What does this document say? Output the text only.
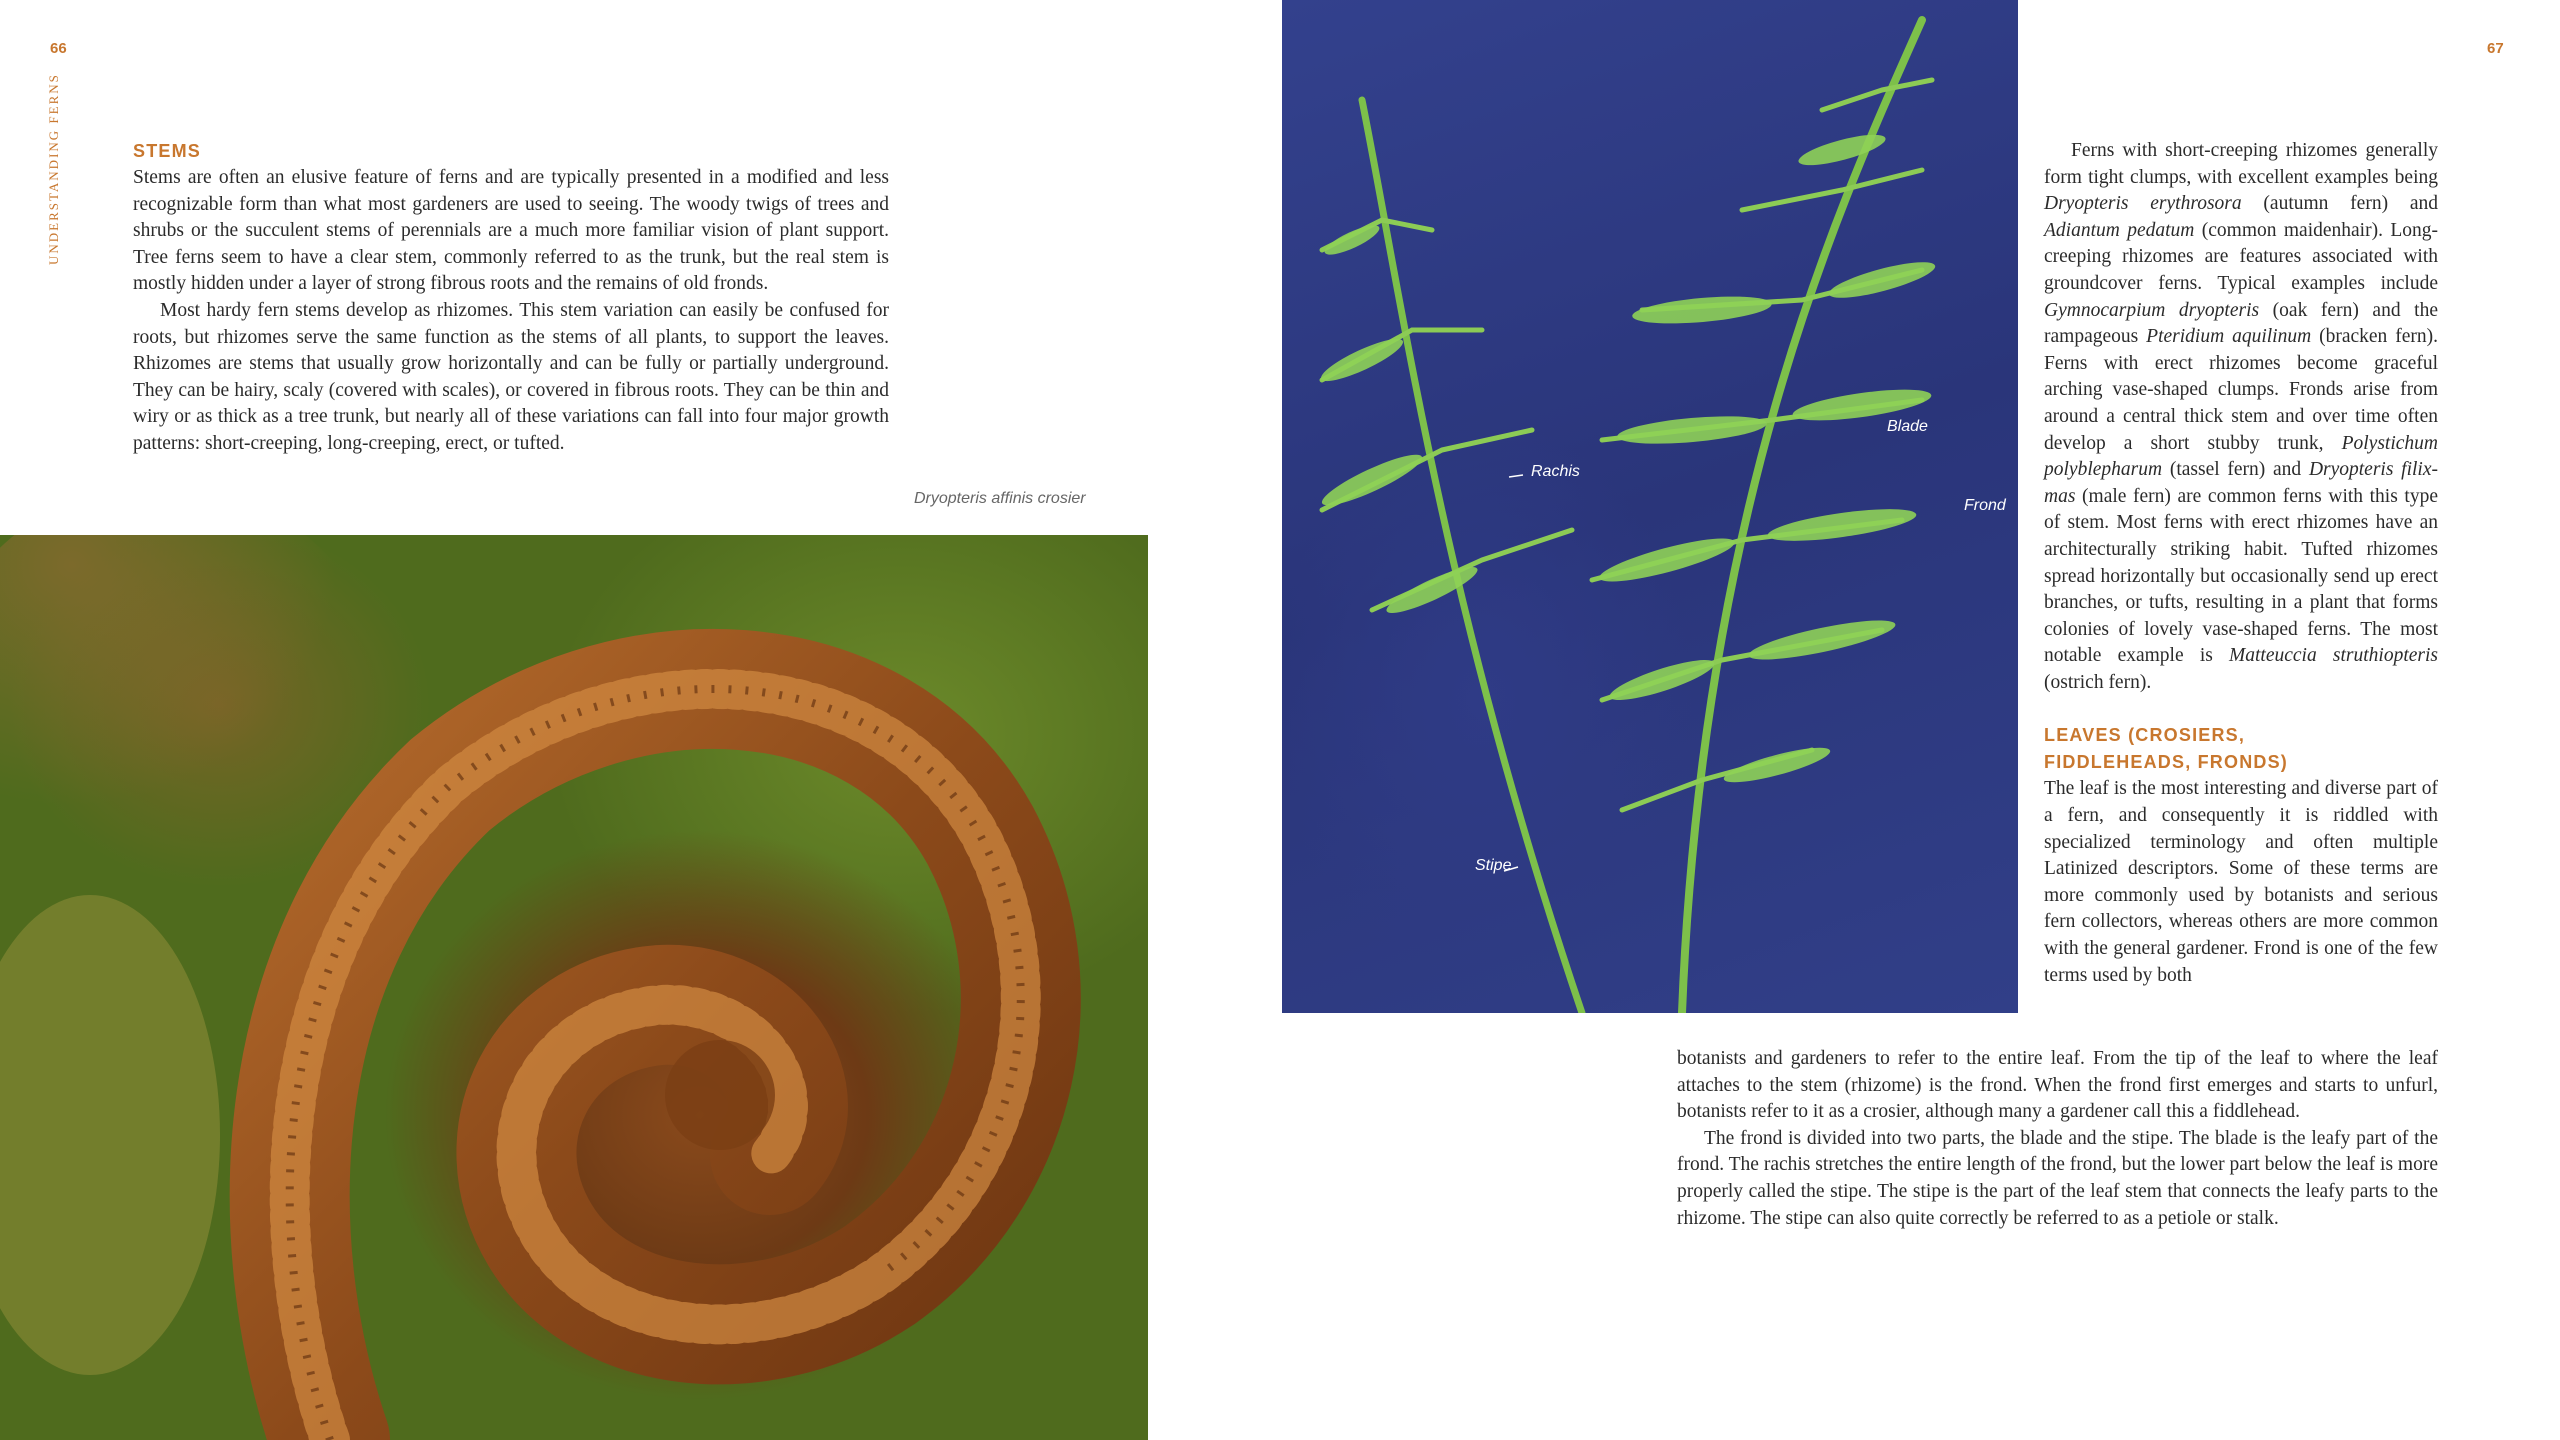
66
UNDERSTANDING FERNS	STEMS

Stems are often an elusive feature of ferns and are typically presented in a modified and less recognizable form than what most gardeners are used to seeing. The woody twigs of trees and shrubs or the succulent stems of perennials are a much more familiar vision of plant support. Tree ferns seem to have a clear stem, commonly referred to as the trunk, but the real stem is mostly hidden under a layer of strong fibrous roots and the remains of old fronds.

Most hardy fern stems develop as rhizomes. This stem variation can easily be confused for roots, but rhizomes serve the same function as the stems of all plants, to support the leaves. Rhizomes are stems that usually grow horizontally and can be fully or partially underground. They can be hairy, scaly (covered with scales), or covered in fibrous roots. They can be thin and wiry or as thick as a tree trunk, but nearly all of these variations can fall into four major growth patterns: short-creeping, long-creeping, erect, or tufted.

Dryopteris affinis crosier
67
Rachis
Blade
Frond
Stipe

Ferns with short-creeping rhizomes generally form tight clumps, with excellent examples being Dryopteris erythrosora (autumn fern) and Adiantum pedatum (common maidenhair). Long-creeping rhizomes are features associated with groundcover ferns. Typical examples include Gymnocarpium dryopteris (oak fern) and the rampageous Pteridium aquilinum (bracken fern). Ferns with erect rhizomes become graceful arching vase-shaped clumps. Fronds arise from around a central thick stem and over time often develop a short stubby trunk, Polystichum polyblepharum (tassel fern) and Dryopteris filix-mas (male fern) are common ferns with this type of stem. Most ferns with erect rhizomes have an architecturally striking habit. Tufted rhizomes spread horizontally but occasionally send up erect branches, or tufts, resulting in a plant that forms colonies of lovely vase-shaped ferns. The most notable example is Matteuccia struthiopteris (ostrich fern).

LEAVES (CROSIERS,
FIDDLEHEADS, FRONDS)

The leaf is the most interesting and diverse part of a fern, and consequently it is riddled with specialized terminology and often multiple Latinized descriptors. Some of these terms are more commonly used by botanists and serious fern collectors, whereas others are more common with the general gardener. Frond is one of the few terms used by both

botanists and gardeners to refer to the entire leaf. From the tip of the leaf to where the leaf attaches to the stem (rhizome) is the frond. When the frond first emerges and starts to unfurl, botanists refer to it as a crosier, although many a gardener call this a fiddlehead.

The frond is divided into two parts, the blade and the stipe. The blade is the leafy part of the frond. The rachis stretches the entire length of the frond, but the lower part below the leaf is more properly called the stipe. The stipe is the part of the leaf stem that connects the leafy parts to the rhizome. The stipe can also quite correctly be referred to as a petiole or stalk.
